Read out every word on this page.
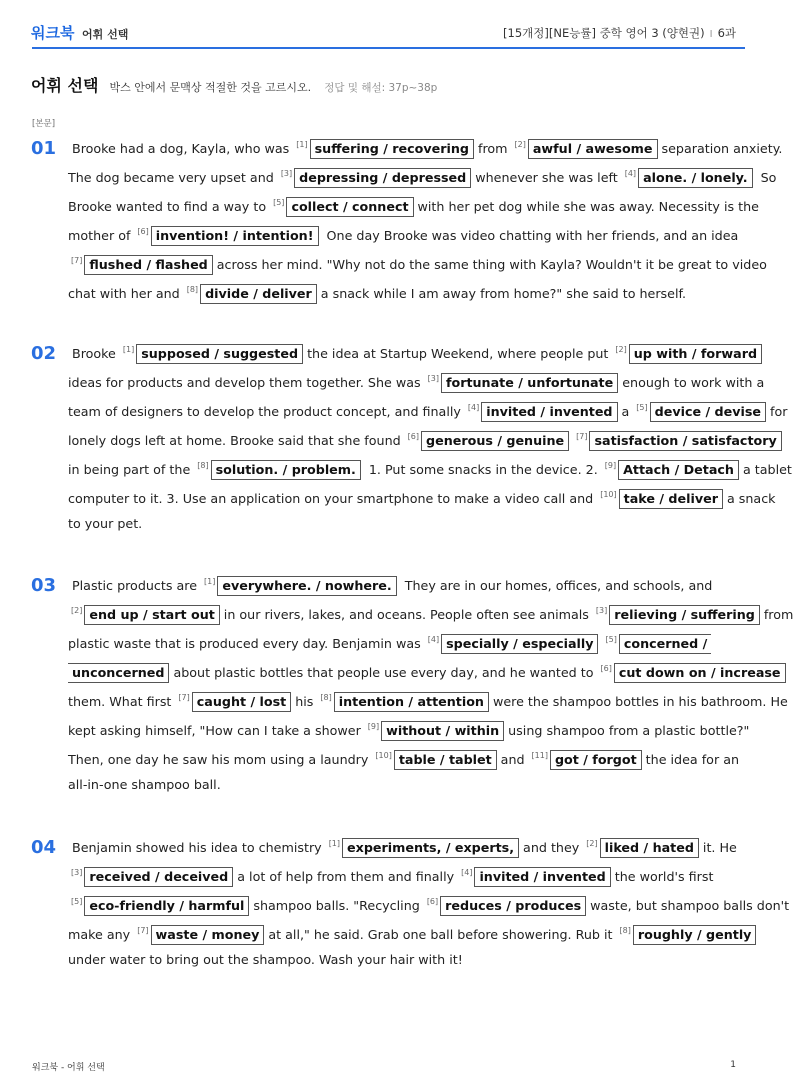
워크북 어휘 선택	[15개정][NE능률] 중학 영어 3 (양현권) I 6과
어휘 선택 박스 안에서 문맥상 적절한 것을 고르시오. 정답 및 해설: 37p~38p
[본문]
01 Brooke had a dog, Kayla, who was [1] suffering / recovering from [2] awful / awesome separation anxiety.
The dog became very upset and [3] depressing / depressed whenever she was left [4] alone. / lonely. So
Brooke wanted to find a way to [5] collect / connect with her pet dog while she was away. Necessity is the
mother of [6] invention! / intention! One day Brooke was video chatting with her friends, and an idea
[7] flushed / flashed across her mind. "Why not do the same thing with Kayla? Wouldn't it be great to video
chat with her and [8] divide / deliver a snack while I am away from home?" she said to herself.
02 Brooke [1] supposed / suggested the idea at Startup Weekend, where people put [2] up with / forward
ideas for products and develop them together. She was [3] fortunate / unfortunate enough to work with a
team of designers to develop the product concept, and finally [4] invited / invented a [5] device / devise for
lonely dogs left at home. Brooke said that she found [6] generous / genuine [7] satisfaction / satisfactory
in being part of the [8] solution. / problem. 1. Put some snacks in the device. 2. [9] Attach / Detach a tablet
computer to it. 3. Use an application on your smartphone to make a video call and [10] take / deliver a snack
to your pet.
03 Plastic products are [1] everywhere. / nowhere. They are in our homes, offices, and schools, and
[2] end up / start out in our rivers, lakes, and oceans. People often see animals [3] relieving / suffering from
plastic waste that is produced every day. Benjamin was [4] specially / especially [5] concerned /
unconcerned about plastic bottles that people use every day, and he wanted to [6] cut down on / increase
them. What first [7] caught / lost his [8] intention / attention were the shampoo bottles in his bathroom. He
kept asking himself, "How can I take a shower [9] without / within using shampoo from a plastic bottle?"
Then, one day he saw his mom using a laundry [10] table / tablet and [11] got / forgot the idea for an
all-in-one shampoo ball.
04 Benjamin showed his idea to chemistry [1] experiments, / experts, and they [2] liked / hated it. He
[3] received / deceived a lot of help from them and finally [4] invited / invented the world's first
[5] eco-friendly / harmful shampoo balls. "Recycling [6] reduces / produces waste, but shampoo balls don't
make any [7] waste / money at all," he said. Grab one ball before showering. Rub it [8] roughly / gently
under water to bring out the shampoo. Wash your hair with it!
워크북 - 어휘 선택	1
